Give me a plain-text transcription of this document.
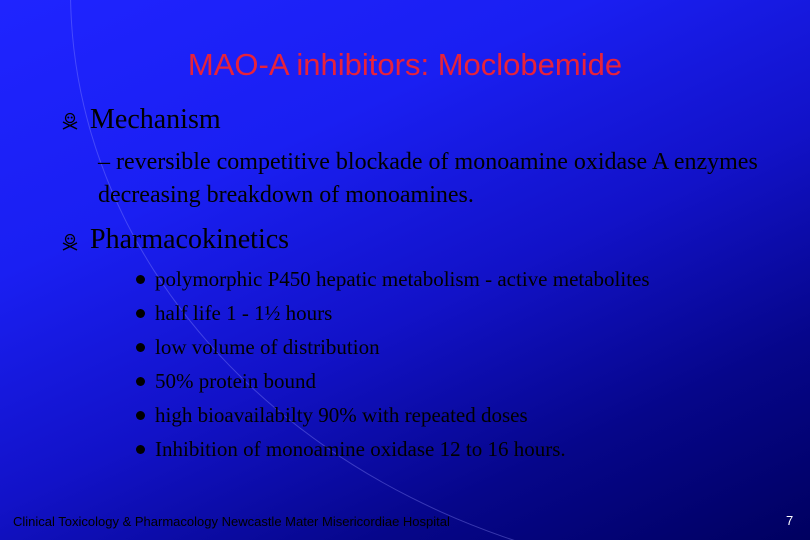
MAO-A inhibitors: Moclobemide
Mechanism
– reversible competitive blockade of monoamine oxidase A enzymes decreasing breakdown of monoamines.
Pharmacokinetics
polymorphic P450 hepatic metabolism - active metabolites
half life 1 - 1½ hours
low volume of distribution
50% protein bound
high bioavailabilty 90% with repeated doses
Inhibition of monoamine oxidase 12 to 16 hours.
Clinical Toxicology & Pharmacology Newcastle Mater Misericordiae Hospital	7
